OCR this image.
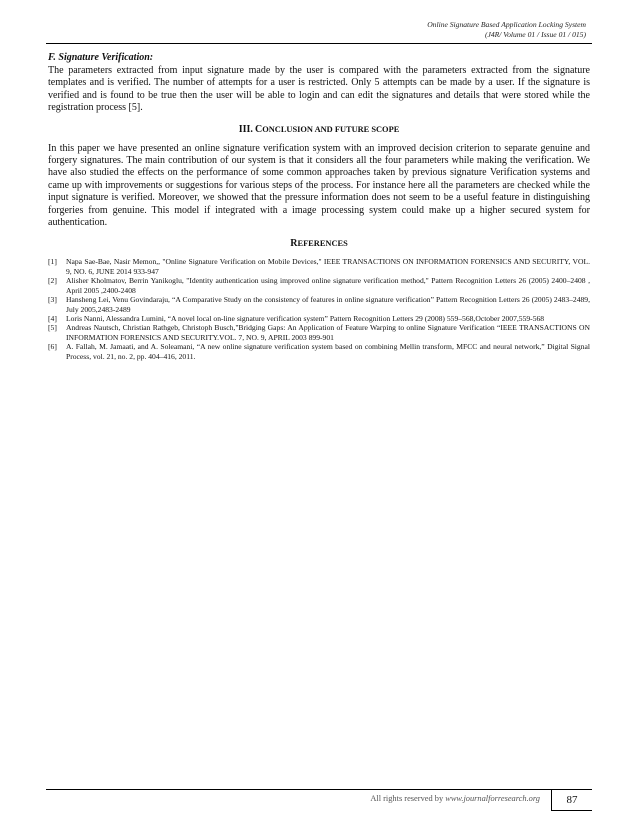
Online Signature Based Application Locking System
(J4R/ Volume 01 / Issue 01 / 015)
F. Signature Verification:

The parameters extracted from input signature made by the user is compared with the parameters extracted from the signature templates and is verified. The number of attempts for a user is restricted. Only 5 attempts can be made by a user. If the signature is verified and is found to be true then the user will be able to login and can edit the signatures and details that were stored while the registration process [5].

III. CONCLUSION AND FUTURE SCOPE

In this paper we have presented an online signature verification system with an improved decision criterion to separate genuine and forgery signatures. The main contribution of our system is that it considers all the four parameters while making the verification. We have also studied the effects on the performance of some common approaches taken by previous signature Verification systems and came up with improvements or suggestions for various steps of the process. For instance here all the parameters are checked while the input signature is verified. Moreover, we showed that the pressure information does not seem to be a useful feature in distinguishing forgeries from genuine. This model if integrated with a image processing system could make up a higher secured system for authentication.

REFERENCES
[1]	Napa Sae-Bae, Nasir Memon,, "Online Signature Verification on Mobile Devices," IEEE TRANSACTIONS ON INFORMATION FORENSICS AND SECURITY, VOL. 9, NO. 6, JUNE 2014 933-947
[2]	Alisher Kholmatov, Berrin Yanikoglu, "Identity authentication using improved online signature verification method," Pattern Recognition Letters 26 (2005) 2400–2408 , April 2005 ,2400-2408
[3]	Hansheng Lei, Venu Govindaraju, “A Comparative Study on the consistency of features in online signature verification” Pattern Recognition Letters 26 (2005) 2483–2489, July 2005,2483-2489
[4]	Loris Nanni, Alessandra Lumini, “A novel local on-line signature verification system” Pattern Recognition Letters 29 (2008) 559–568,October 2007,559-568
[5]	Andreas Nautsch, Christian Rathgeb, Christoph Busch,"Bridging Gaps: An Application of Feature Warping to online Signature Verification “IEEE TRANSACTIONS ON INFORMATION FORENSICS AND SECURITY.VOL. 7, NO. 9, APRIL 2003 899-901
[6]	A. Fallah, M. Jamaati, and A. Soleamani, “A new online signature verification system based on combining Mellin transform, MFCC and neural network,” Digital Signal Process, vol. 21, no. 2, pp. 404–416, 2011.
All rights reserved by www.journalforresearch.org	87
